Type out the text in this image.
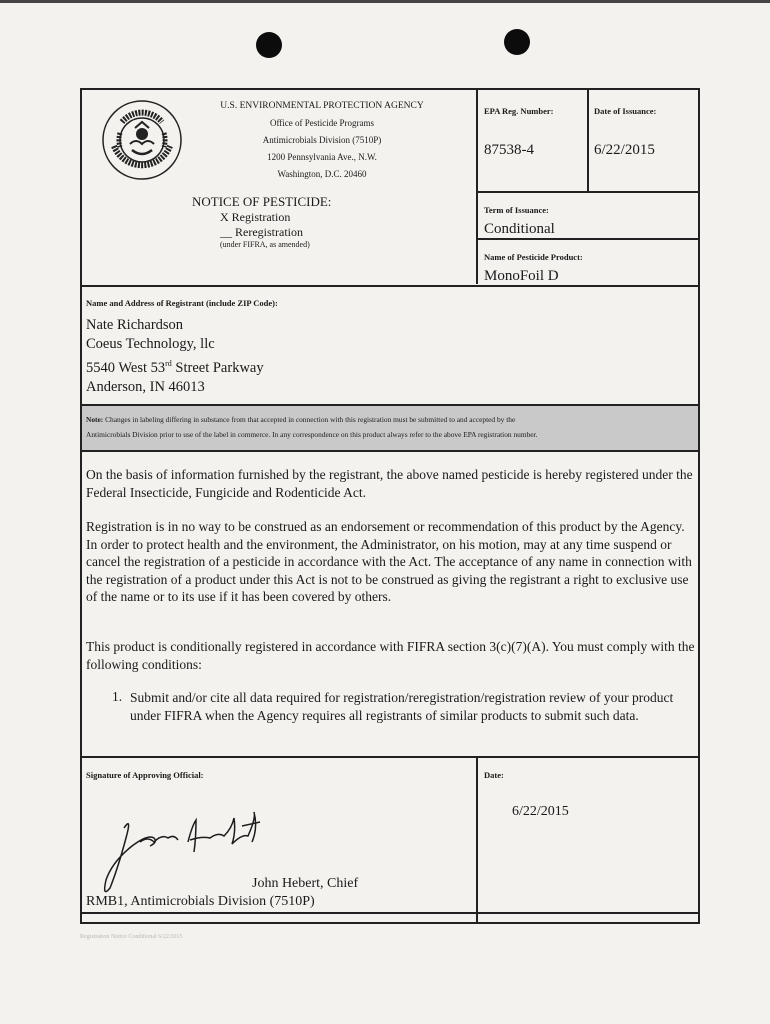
U.S. ENVIRONMENTAL PROTECTION AGENCY
Office of Pesticide Programs
Antimicrobials Division (7510P)
1200 Pennsylvania Ave., N.W.
Washington, D.C. 20460
NOTICE OF PESTICIDE:
X Registration
__ Reregistration
(under FIFRA, as amended)
EPA Reg. Number:
87538-4
Date of Issuance:
6/22/2015
Term of Issuance:
Conditional
Name of Pesticide Product:
MonoFoil D
Name and Address of Registrant (include ZIP Code):
Nate Richardson
Coeus Technology, llc
5540 West 53rd Street Parkway
Anderson, IN 46013
Note: Changes in labeling differing in substance from that accepted in connection with this registration must be submitted to and accepted by the
Antimicrobials Division prior to use of the label in commerce. In any correspondence on this product always refer to the above EPA registration number.
On the basis of information furnished by the registrant, the above named pesticide is hereby registered under the Federal Insecticide, Fungicide and Rodenticide Act.
Registration is in no way to be construed as an endorsement or recommendation of this product by the Agency. In order to protect health and the environment, the Administrator, on his motion, may at any time suspend or cancel the registration of a pesticide in accordance with the Act. The acceptance of any name in connection with the registration of a product under this Act is not to be construed as giving the registrant a right to exclusive use of the name or to its use if it has been covered by others.
This product is conditionally registered in accordance with FIFRA section 3(c)(7)(A). You must comply with the following conditions:
1. Submit and/or cite all data required for registration/reregistration/registration review of your product under FIFRA when the Agency requires all registrants of similar products to submit such data.
Signature of Approving Official:	Date:
6/22/2015
John Hebert, Chief
RMB1, Antimicrobials Division (7510P)
Registration Notice Conditional 6/22/2015
